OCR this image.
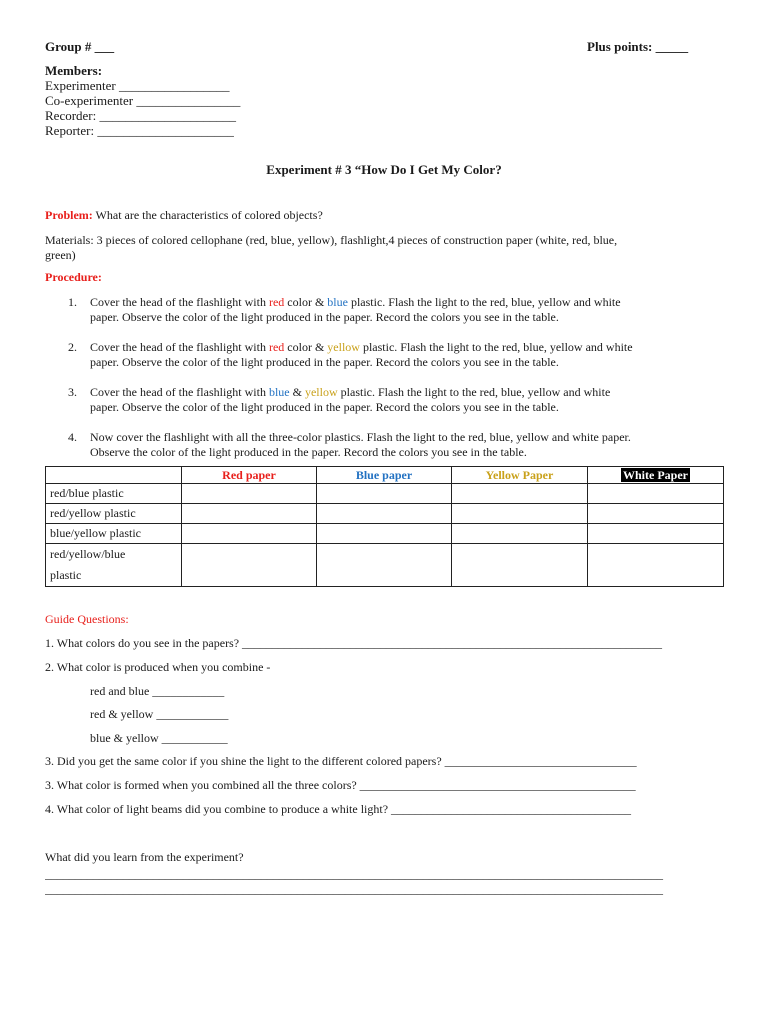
Group # ___	Plus points: _____
Members:
Experimenter _________________
Co-experimenter ________________
Recorder: _____________________
Reporter: _____________________
Experiment # 3 “How Do I Get My Color?
Problem: What are the characteristics of colored objects?
Materials: 3 pieces of colored cellophane (red, blue, yellow), flashlight,4 pieces of construction paper (white, red, blue,
green)
Procedure:
1. Cover the head of the flashlight with red color & blue plastic. Flash the light to the red, blue, yellow and white
paper. Observe the color of the light produced in the paper. Record the colors you see in the table.
2. Cover the head of the flashlight with red color & yellow plastic. Flash the light to the red, blue, yellow and white
paper. Observe the color of the light produced in the paper. Record the colors you see in the table.
3. Cover the head of the flashlight with blue & yellow plastic. Flash the light to the red, blue, yellow and white
paper. Observe the color of the light produced in the paper. Record the colors you see in the table.
4. Now cover the flashlight with all the three-color plastics. Flash the light to the red, blue, yellow and white paper.
Observe the color of the light produced in the paper. Record the colors you see in the table.
	Red paper	Blue paper	Yellow Paper	White Paper
red/blue plastic				
red/yellow plastic				
blue/yellow plastic				

red/yellow/blue
plastic				

Guide Questions:
1. What colors do you see in the papers? ______________________________________________________________________
2. What color is produced when you combine -
red and blue ____________
red & yellow ____________
blue & yellow ___________
3. Did you get the same color if you shine the light to the different colored papers? ________________________________
3. What color is formed when you combined all the three colors? ______________________________________________
4. What color of light beams did you combine to produce a white light? ________________________________________
What did you learn from the experiment?
_______________________________________________________________________________________________________
_______________________________________________________________________________________________________
